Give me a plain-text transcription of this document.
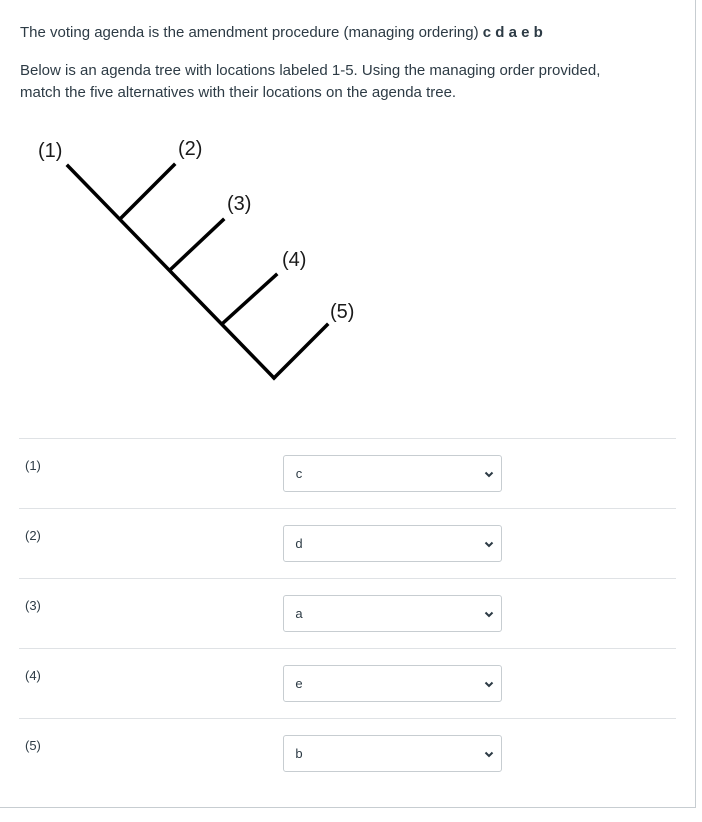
The voting agenda is the amendment procedure (managing ordering) c d a e b
Below is an agenda tree with locations labeled 1-5. Using the managing order provided,
match the five alternatives with their locations on the agenda tree.
(1)	(2)
(3)
(4)
(5)
(1)
c
(2)
d
(3)
a
(4)
e
(5)
b
